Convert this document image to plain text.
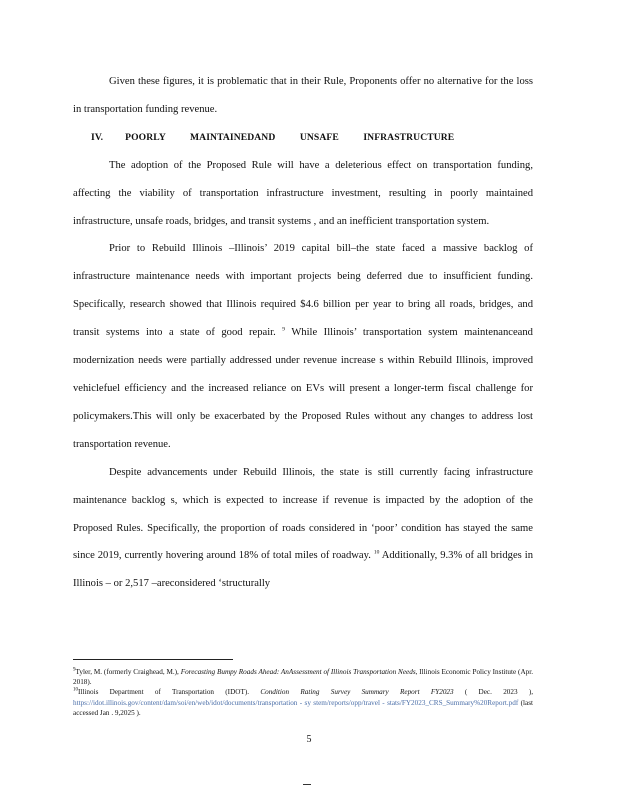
Given these figures, it is problematic that in their Rule, Proponents offer no alternative for the loss in transportation funding revenue.

IV. POORLY MAINTAINEDAND UNSAFE INFRASTRUCTURE

The adoption of the Proposed Rule will have a deleterious effect on transportation funding, affecting the viability of transportation infrastructure investment, resulting in poorly maintained infrastructure, unsafe roads, bridges, and transit systems , and an inefficient transportation system.

Prior to Rebuild Illinois –Illinois’ 2019 capital bill–the state faced a massive backlog of infrastructure maintenance needs with important projects being deferred due to insufficient funding. Specifically, research showed that Illinois required $4.6 billion per year to bring all roads, bridges, and transit systems into a state of good repair. $^9$ While Illinois’ transportation system maintenanceand modernization needs were partially addressed under revenue increase s within Rebuild Illinois, improved vehiclefuel efficiency and the increased reliance on EVs will present a longer-term fiscal challenge for policymakers.This will only be exacerbated by the Proposed Rules without any changes to address lost transportation revenue.

Despite advancements under Rebuild Illinois, the state is still currently facing infrastructure maintenance backlog s, which is expected to increase if revenue is impacted by the adoption of the Proposed Rules. Specifically, the proportion of roads considered in ‘poor’ condition has stayed the same since 2019, currently hovering around 18% of total miles of roadway. $^{10}$ Additionally, 9.3% of all bridges in Illinois – or 2,517 –areconsidered ‘structurally

$^9$Tyler, M. (formerly Craighead, M.), Forecasting Bumpy Roads Ahead: AnAssessment of Illinois Transportation Needs, Illinois Economic Policy Institute (Apr. 2018).

$^{10}$Illinois Department of Transportation (IDOT). Condition Rating Survey Summary Report FY2023 ( Dec. 2023 ), https://idot.illinois.gov/content/dam/soi/en/web/idot/documents/transportation - sy stem/reports/opp/travel - stats/FY2023_CRS_Summary%20Report.pdf (last accessed Jan . 9,2025 ).

5
